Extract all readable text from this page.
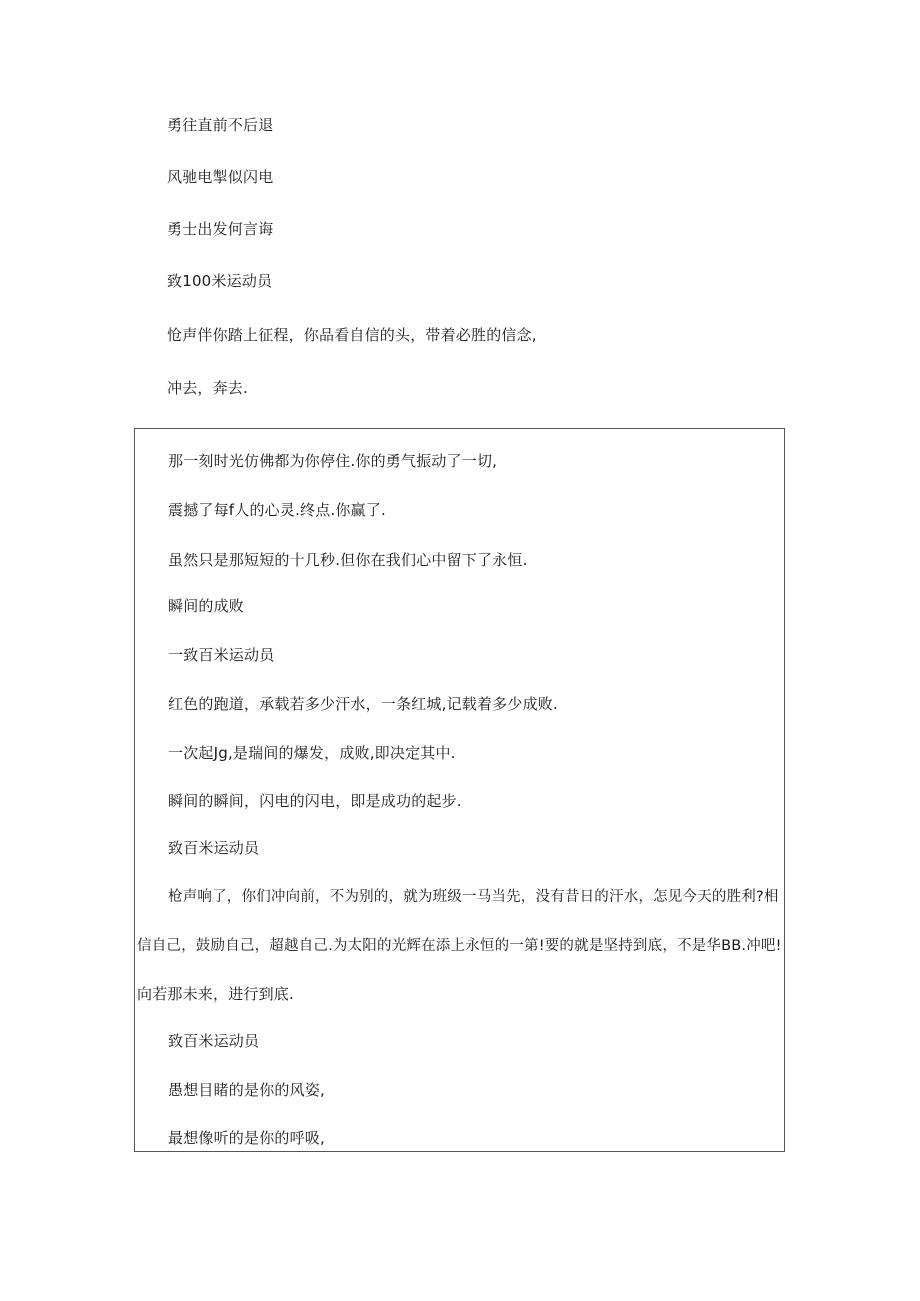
勇往直前不后退
风驰电掣似闪电
勇士出发何言诲
致100米运动员
怆声伴你踏上征程，你品看自信的头，带着必胜的信念,
冲去，奔去.
那一刻时光仿佛都为你停住.你的勇气振动了一切,
震撼了每f人的心灵.终点.你赢了.
虽然只是那短短的十几秒.但你在我们心中留下了永恒.
瞬间的成败
一致百米运动员
红色的跑道，承载若多少汗水，一条红城,记载着多少成败.
一次起Jg,是瑞间的爆发，成败,即决定其中.
瞬间的瞬间，闪电的闪电，即是成功的起步.
致百米运动员
枪声响了，你们冲向前，不为别的，就为班级一马当先，没有昔日的汗水，怎见今天的胜利?相
信自己，鼓励自己，超越自己.为太阳的光辉在添上永恒的一第!要的就是坚持到底，不是华BB.冲吧!
向若那未来，进行到底.
致百米运动员
愚想目睹的是你的风姿,
最想像听的是你的呼吸,
